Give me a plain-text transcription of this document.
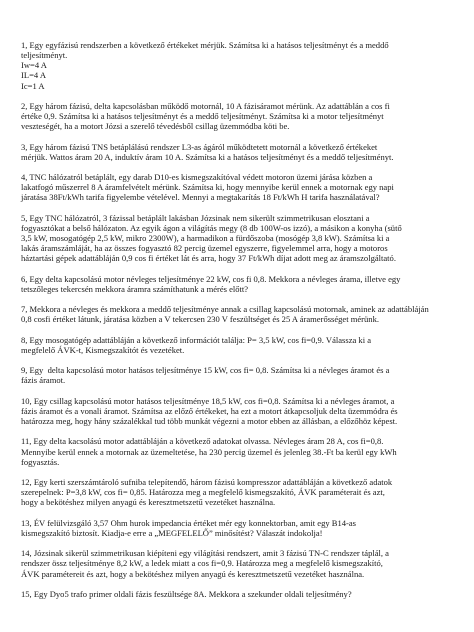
1, Egy egyfázisú rendszerben a következő értékeket mérjük. Számítsa ki a hatásos teljesítményt és a meddő
teljesítményt.
Iw=4 A
IL=4 A
Ic=1 A

2, Egy három fázisú, delta kapcsolásban működő motornál, 10 A fázisáramot mérünk. Az adattáblán a cos fi
értéke 0,9. Számítsa ki a hatásos teljesítményt és a meddő teljesítményt. Számítsa ki a motor teljesítményt
veszteségét, ha a motort Józsi a szerelő tévedésből csillag üzemmódba köti be.

3, Egy három fázisú TNS betáplálású rendszer L3-as ágáról működtetett motornál a következő értékeket
mérjük. Wattos áram 20 A, induktív áram 10 A. Számítsa ki a hatásos teljesítményt és a meddő teljesítményt.

4, TNC hálózatról betáplált, egy darab D10-es kismegszakítóval védett motoron üzemi járása közben a
lakatfogó műszerrel 8 A áramfelvételt mérünk. Számítsa ki, hogy mennyibe kerül ennek a motornak egy napi
járatása 38Ft/kWh tarifa figyelembe vételével. Mennyi a megtakarítás 18 Ft/kWh H tarifa használatával?

5, Egy TNC hálózatról, 3 fázissal betáplált lakásban Józsinak nem sikerült szimmetrikusan elosztani a
fogyasztókat a belső hálózaton. Az egyik ágon a világítás megy (8 db 100W-os izzó), a másikon a konyha (sütő
3,5 kW, mosogatógép 2,5 kW, mikro 2300W), a harmadikon a fürdőszoba (mosógép 3,8 kW). Számítsa ki a
lakás áramszámláját, ha az összes fogyasztó 82 percig üzemel egyszerre, figyelemmel arra, hogy a motoros
háztartási gépek adattábláján 0,9 cos fi értéket lát és arra, hogy 37 Ft/kWh díjat adott meg az áramszolgáltató.

6, Egy delta kapcsolású motor névleges teljesítménye 22 kW, cos fi 0,8. Mekkora a névleges árama, illetve egy
tetszőleges tekercsén mekkora áramra számíthatunk a mérés előtt?

7, Mekkora a névleges és mekkora a meddő teljesítménye annak a csillag kapcsolású motornak, aminek az adattábláján
0,8 cosfi értéket látunk, járatása közben a V tekercsen 230 V feszültséget és 25 A áramerősséget mérünk.

8, Egy mosogatógép adattábláján a következő információt találja: P= 3,5 kW, cos fi=0,9. Válassza ki a
megfelelő ÁVK-t, Kismegszakítót és vezetéket.

9, Egy  delta kapcsolású motor hatásos teljesítménye 15 kW, cos fi= 0,8. Számítsa ki a névleges áramot és a
fázis áramot.

10, Egy csillag kapcsolású motor hatásos teljesítménye 18,5 kW, cos fi=0,8. Számítsa ki a névleges áramot, a
fázis áramot és a vonali áramot. Számítsa az előző értékeket, ha ezt a motort átkapcsoljuk delta üzemmódra és
határozza meg, hogy hány százalékkal tud több munkát végezni a motor ebben az állásban, a előzőhöz képest.

11, Egy delta kacsolású motor adattábláján a következő adatokat olvassa. Névleges áram 28 A, cos fi=0,8.
Mennyibe kerül ennek a motornak az üzemeltetése, ha 230 percig üzemel és jelenleg 38.-Ft ba kerül egy kWh
fogyasztás.

12, Egy kerti szerszámtároló sufniba telepítendő, három fázisú kompresszor adattábláján a következő adatok
szerepelnek: P=3,8 kW, cos fi= 0,85. Határozza meg a megfelelő kismegszakító, ÁVK paraméterait és azt,
hogy a bekötéshez milyen anyagú és keresztmetszetű vezetéket használna.

13, ÉV felülvizsgáló 3,57 Ohm hurok impedancia értéket mér egy konnektorban, amit egy B14-as
kismegszakító biztosít. Kiadja-e erre a „MEGFELELŐ” minősítést? Válaszát indokolja!

14, Józsinak sikerül szimmetrikusan kiépíteni egy világítási rendszert, amit 3 fázisú TN-C rendszer táplál, a
rendszer össz teljesítménye 8,2 kW, a ledek miatt a cos fi=0,9. Határozza meg a megfelelő kismegszakító,
ÁVK paramétereit és azt, hogy a bekötéshez milyen anyagú és keresztmetszetű vezetéket használna.

15, Egy Dyo5 trafo primer oldali fázis feszültsége 8A. Mekkora a szekunder oldali teljesítmény?
